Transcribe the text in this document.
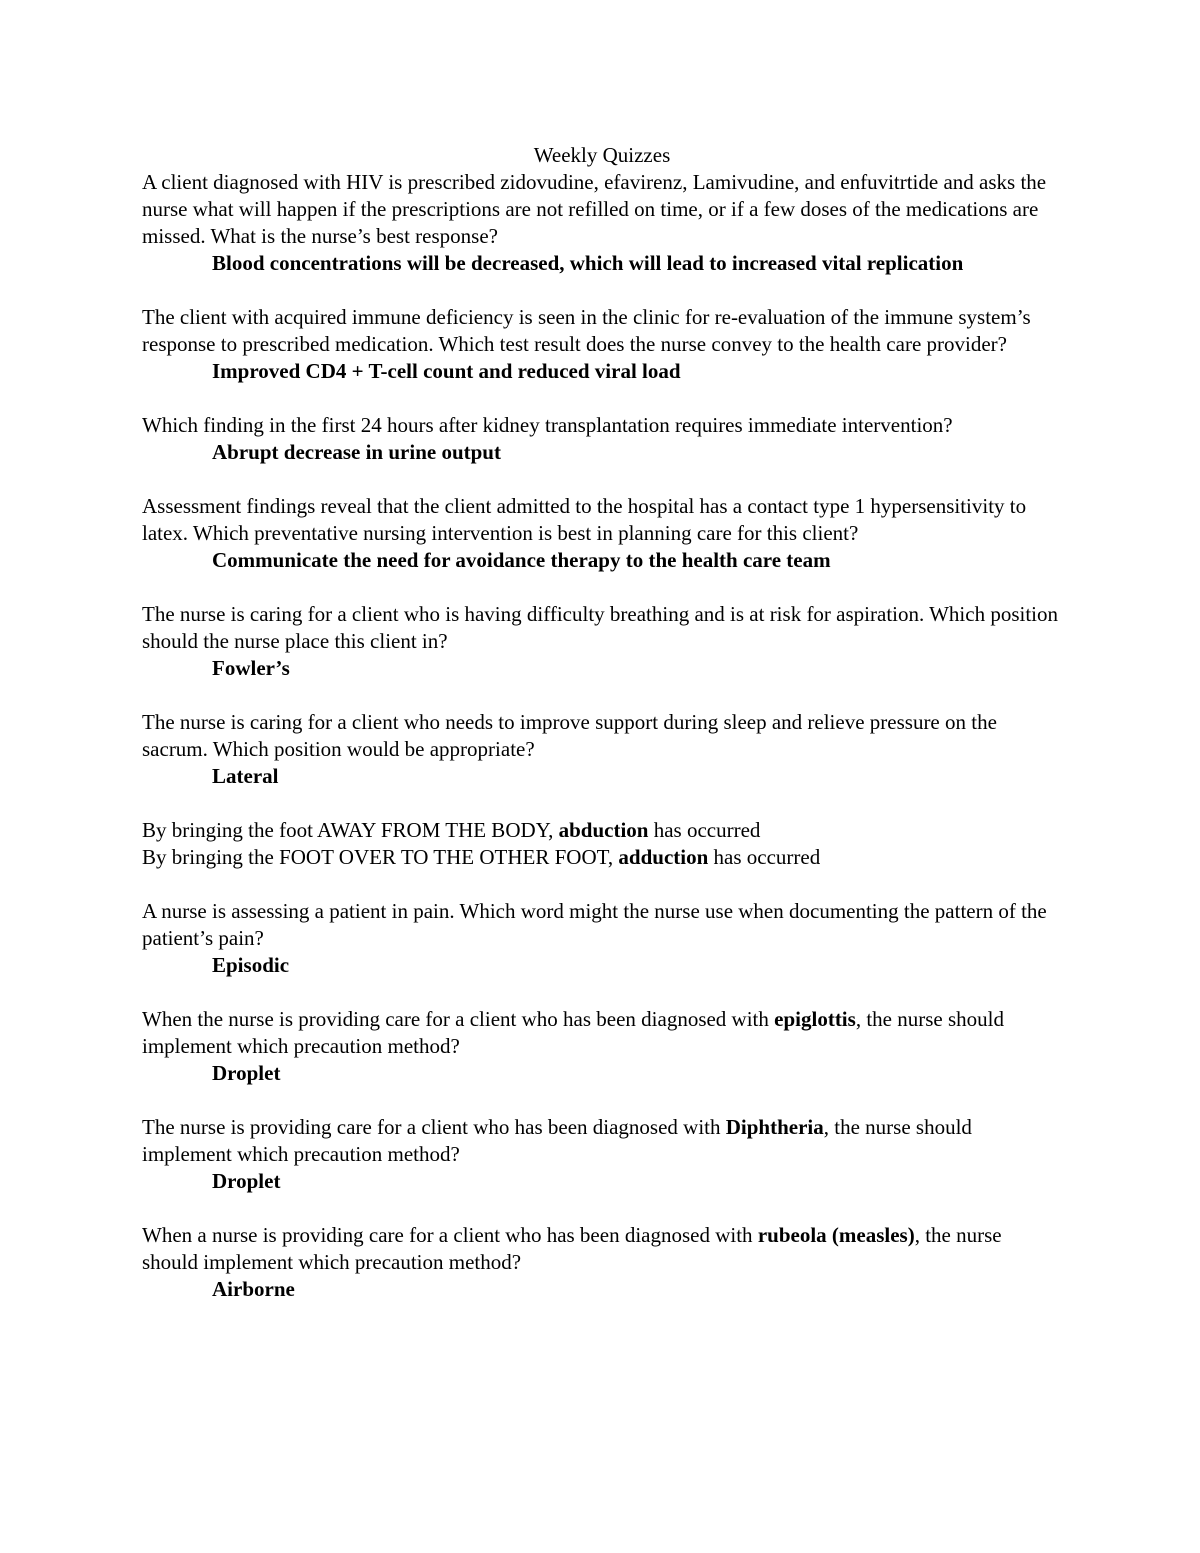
Weekly Quizzes

A client diagnosed with HIV is prescribed zidovudine, efavirenz, Lamivudine, and enfuvitrtide and asks the nurse what will happen if the prescriptions are not refilled on time, or if a few doses of the medications are missed. What is the nurse’s best response?

Blood concentrations will be decreased, which will lead to increased vital replication

The client with acquired immune deficiency is seen in the clinic for re-evaluation of the immune system’s response to prescribed medication. Which test result does the nurse convey to the health care provider?

Improved CD4 + T-cell count and reduced viral load

Which finding in the first 24 hours after kidney transplantation requires immediate intervention?

Abrupt decrease in urine output

Assessment findings reveal that the client admitted to the hospital has a contact type 1 hypersensitivity to latex. Which preventative nursing intervention is best in planning care for this client?

Communicate the need for avoidance therapy to the health care team

The nurse is caring for a client who is having difficulty breathing and is at risk for aspiration. Which position should the nurse place this client in?

Fowler’s

The nurse is caring for a client who needs to improve support during sleep and relieve pressure on the sacrum. Which position would be appropriate?

Lateral

By bringing the foot AWAY FROM THE BODY, abduction has occurred

By bringing the FOOT OVER TO THE OTHER FOOT, adduction has occurred

A nurse is assessing a patient in pain. Which word might the nurse use when documenting the pattern of the patient’s pain?

Episodic

When the nurse is providing care for a client who has been diagnosed with epiglottis, the nurse should implement which precaution method?

Droplet

The nurse is providing care for a client who has been diagnosed with Diphtheria, the nurse should implement which precaution method?

Droplet

When a nurse is providing care for a client who has been diagnosed with rubeola (measles), the nurse should implement which precaution method?

Airborne
